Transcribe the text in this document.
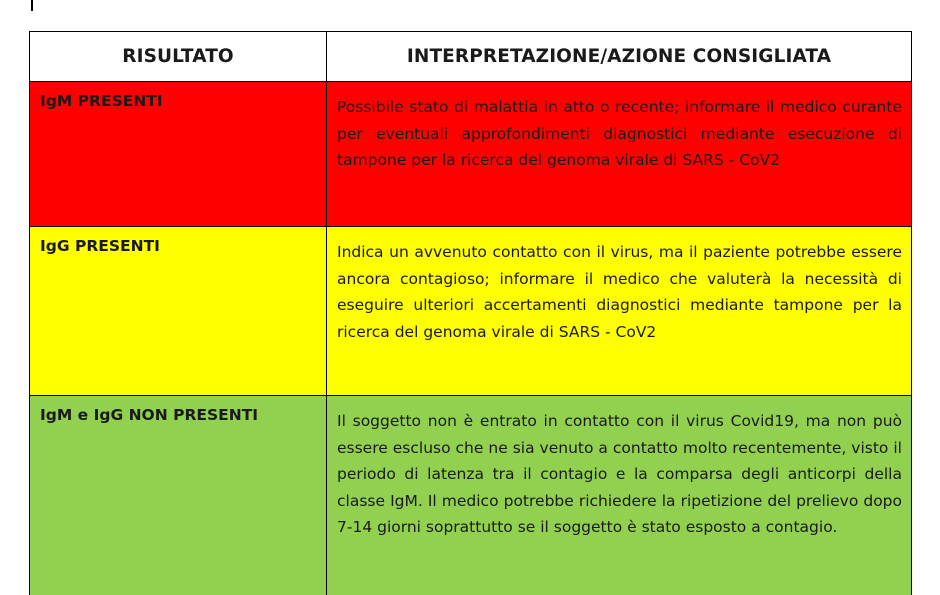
RISULTATO	INTERPRETAZIONE/AZIONE CONSIGLIATA
IgM PRESENTI	Possibile stato di malattia in atto o recente; informare il medico curante per eventuali approfondimenti diagnostici mediante esecuzione di tampone per la ricerca del genoma virale di SARS - CoV2
IgG PRESENTI	Indica un avvenuto contatto con il virus, ma il paziente potrebbe essere ancora contagioso; informare il medico che valuterà la necessità di eseguire ulteriori accertamenti diagnostici mediante tampone per la ricerca del genoma virale di SARS - CoV2
IgM e IgG NON PRESENTI	Il soggetto non è entrato in contatto con il virus Covid19, ma non può essere escluso che ne sia venuto a contatto molto recentemente, visto il periodo di latenza tra il contagio e la comparsa degli anticorpi della classe IgM. Il medico potrebbe richiedere la ripetizione del prelievo dopo 7-14 giorni soprattutto se il soggetto è stato esposto a contagio.
